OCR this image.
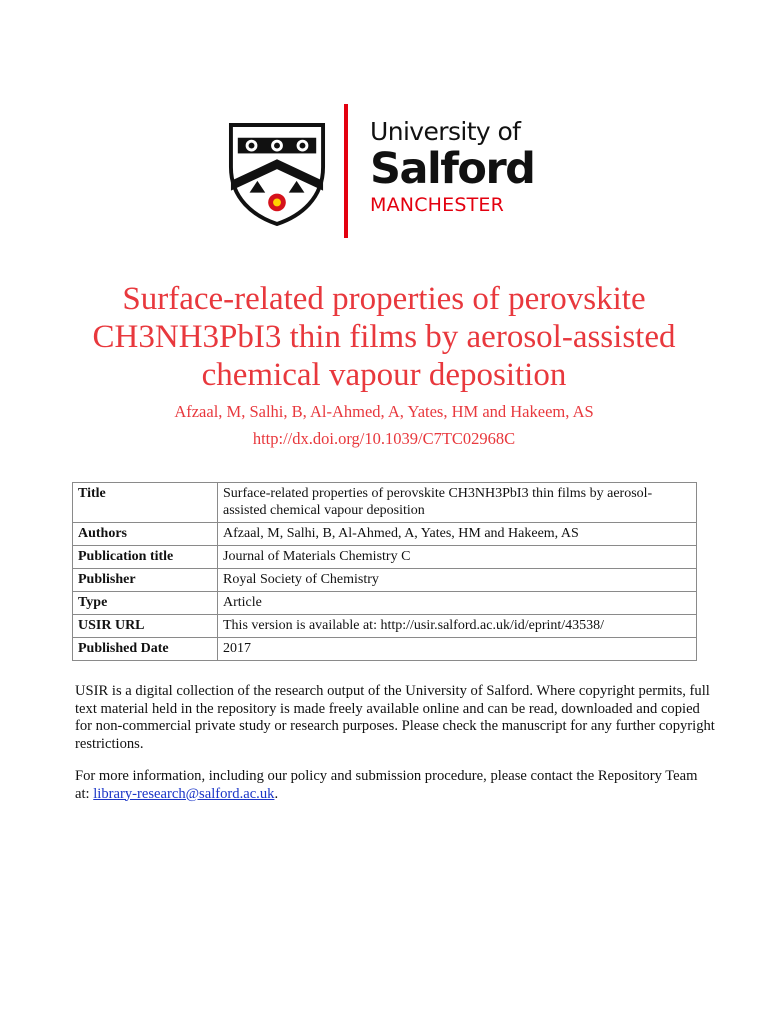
University of
Salford
MANCHESTER
Surface-related properties of perovskite CH3NH3PbI3 thin films by aerosol-assisted chemical vapour deposition
Afzaal, M, Salhi, B, Al-Ahmed, A, Yates, HM and Hakeem, AS
http://dx.doi.org/10.1039/C7TC02968C
Title	Surface-related properties of perovskite CH3NH3PbI3 thin films by aerosol-assisted chemical vapour deposition
Authors	Afzaal, M, Salhi, B, Al-Ahmed, A, Yates, HM and Hakeem, AS
Publication title	Journal of Materials Chemistry C
Publisher	Royal Society of Chemistry
Type	Article
USIR URL	This version is available at: http://usir.salford.ac.uk/id/eprint/43538/
Published Date	2017

USIR is a digital collection of the research output of the University of Salford. Where copyright permits, full text material held in the repository is made freely available online and can be read, downloaded and copied for non-commercial private study or research purposes. Please check the manuscript for any further copyright restrictions.

For more information, including our policy and submission procedure, please contact the Repository Team at: library-research@salford.ac.uk.
